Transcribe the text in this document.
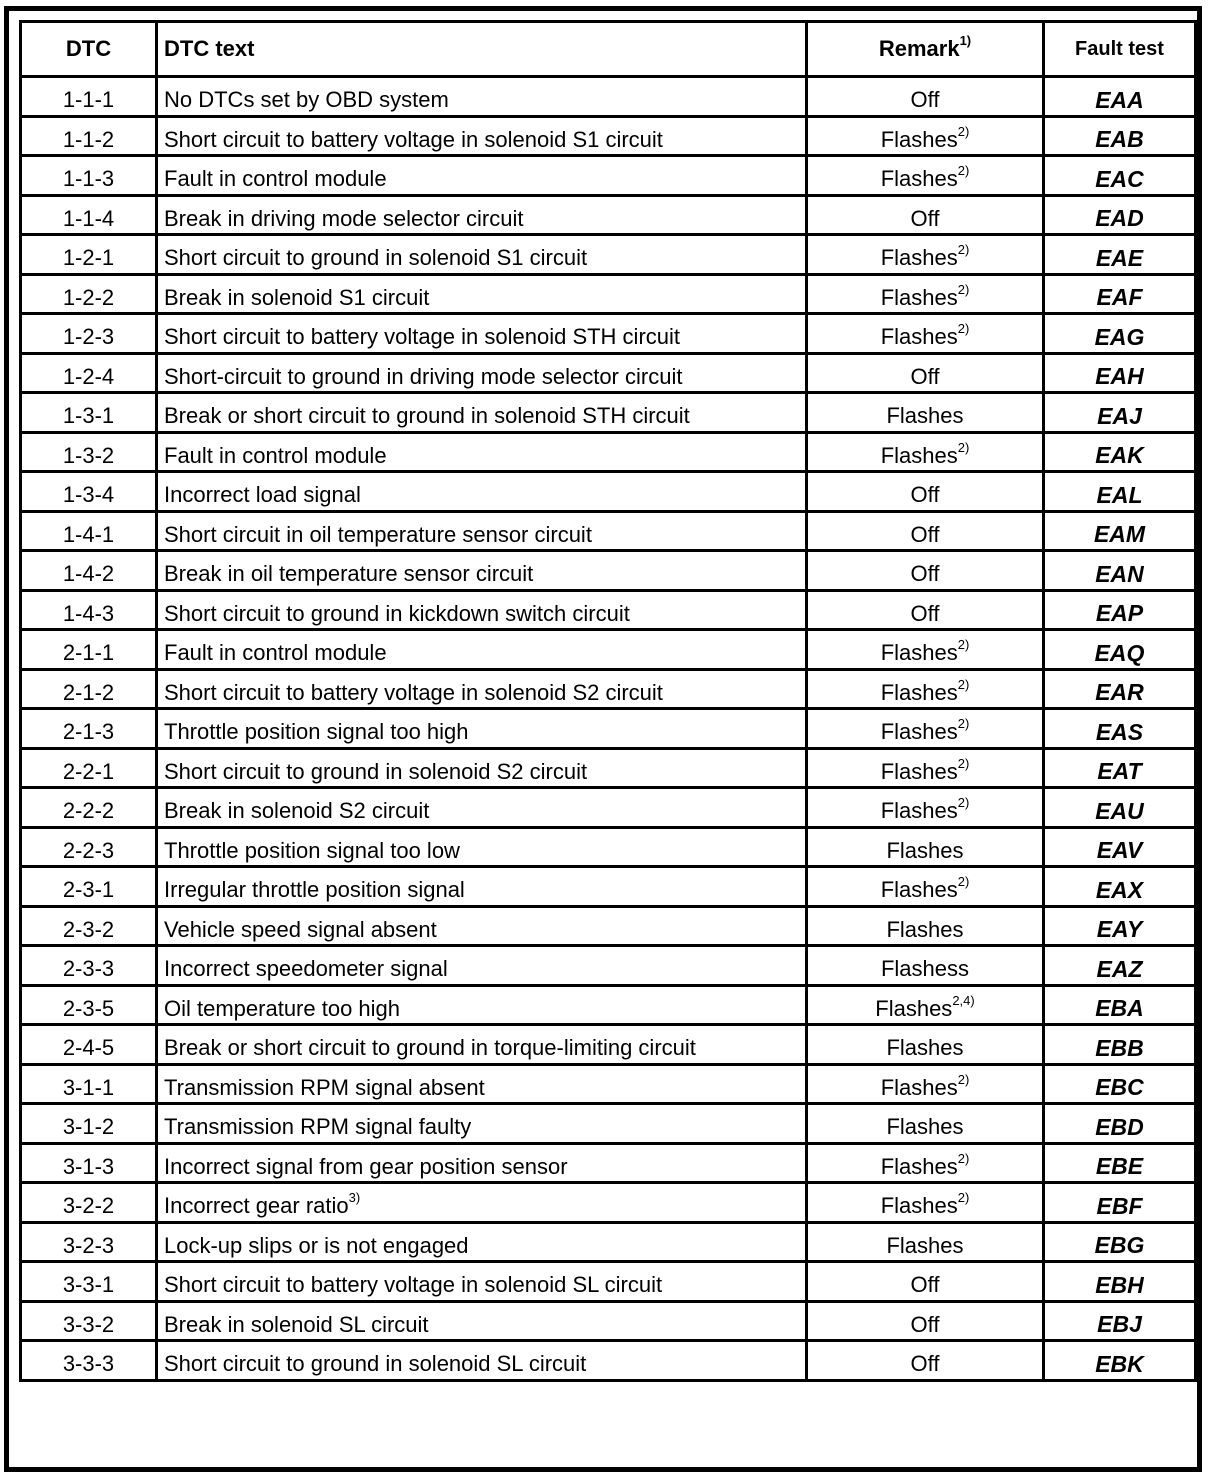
DTC	DTC text	Remark$^{1)}$	Fault test
1-1-1	No DTCs set by OBD system	Off	EAA
1-1-2	Short circuit to battery voltage in solenoid S1 circuit	Flashes$^{2)}$	EAB
1-1-3	Fault in control module	Flashes$^{2)}$	EAC
1-1-4	Break in driving mode selector circuit	Off	EAD
1-2-1	Short circuit to ground in solenoid S1 circuit	Flashes$^{2)}$	EAE
1-2-2	Break in solenoid S1 circuit	Flashes$^{2)}$	EAF
1-2-3	Short circuit to battery voltage in solenoid STH circuit	Flashes$^{2)}$	EAG
1-2-4	Short-circuit to ground in driving mode selector circuit	Off	EAH
1-3-1	Break or short circuit to ground in solenoid STH circuit	Flashes	EAJ
1-3-2	Fault in control module	Flashes$^{2)}$	EAK
1-3-4	Incorrect load signal	Off	EAL
1-4-1	Short circuit in oil temperature sensor circuit	Off	EAM
1-4-2	Break in oil temperature sensor circuit	Off	EAN
1-4-3	Short circuit to ground in kickdown switch circuit	Off	EAP
2-1-1	Fault in control module	Flashes$^{2)}$	EAQ
2-1-2	Short circuit to battery voltage in solenoid S2 circuit	Flashes$^{2)}$	EAR
2-1-3	Throttle position signal too high	Flashes$^{2)}$	EAS
2-2-1	Short circuit to ground in solenoid S2 circuit	Flashes$^{2)}$	EAT
2-2-2	Break in solenoid S2 circuit	Flashes$^{2)}$	EAU
2-2-3	Throttle position signal too low	Flashes	EAV
2-3-1	Irregular throttle position signal	Flashes$^{2)}$	EAX
2-3-2	Vehicle speed signal absent	Flashes	EAY
2-3-3	Incorrect speedometer signal	Flashess	EAZ
2-3-5	Oil temperature too high	Flashes$^{2,4)}$	EBA
2-4-5	Break or short circuit to ground in torque-limiting circuit	Flashes	EBB
3-1-1	Transmission RPM signal absent	Flashes$^{2)}$	EBC
3-1-2	Transmission RPM signal faulty	Flashes	EBD
3-1-3	Incorrect signal from gear position sensor	Flashes$^{2)}$	EBE
3-2-2	Incorrect gear ratio$^{3)}$	Flashes$^{2)}$	EBF
3-2-3	Lock-up slips or is not engaged	Flashes	EBG
3-3-1	Short circuit to battery voltage in solenoid SL circuit	Off	EBH
3-3-2	Break in solenoid SL circuit	Off	EBJ
3-3-3	Short circuit to ground in solenoid SL circuit	Off	EBK
